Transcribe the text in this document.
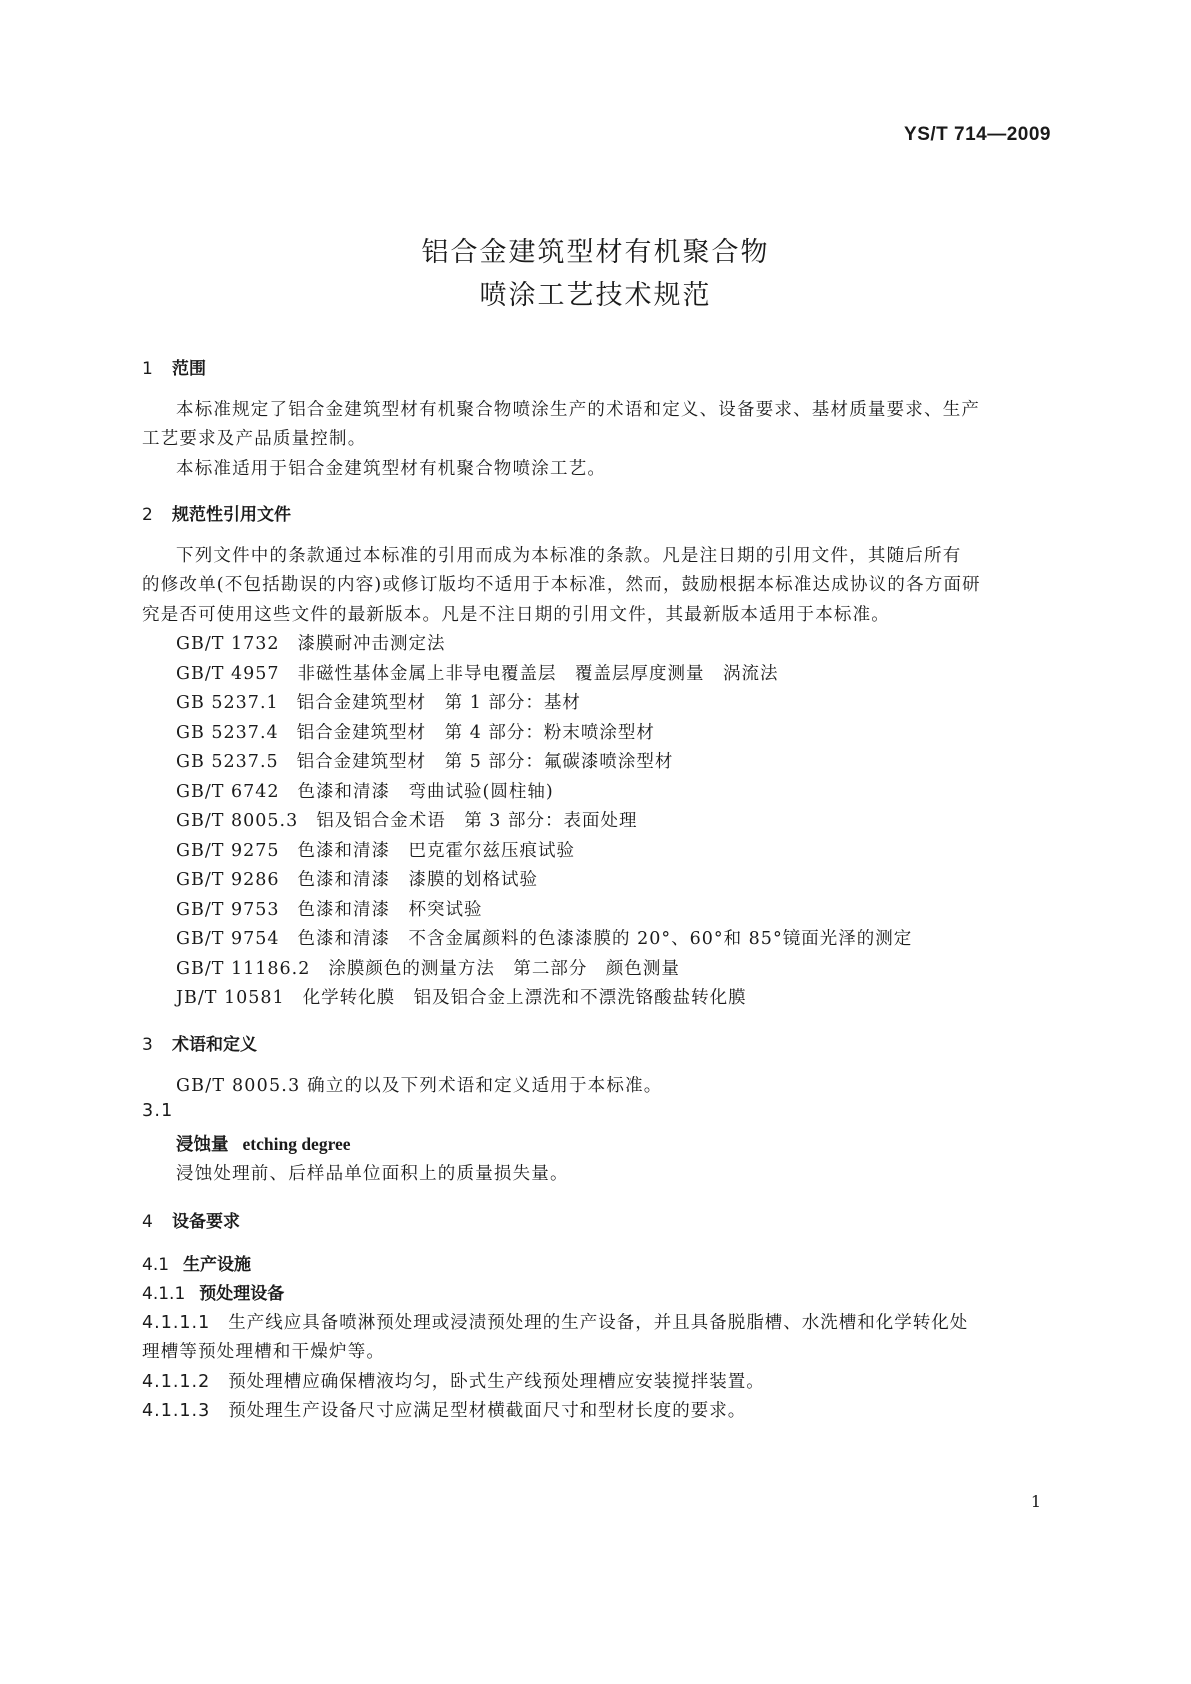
YS/T 714—2009
铝合金建筑型材有机聚合物
喷涂工艺技术规范
1 范围
本标准规定了铝合金建筑型材有机聚合物喷涂生产的术语和定义、设备要求、基材质量要求、生产
工艺要求及产品质量控制。
本标准适用于铝合金建筑型材有机聚合物喷涂工艺。
2 规范性引用文件
下列文件中的条款通过本标准的引用而成为本标准的条款。凡是注日期的引用文件，其随后所有
的修改单(不包括勘误的内容)或修订版均不适用于本标准，然而，鼓励根据本标准达成协议的各方面研
究是否可使用这些文件的最新版本。凡是不注日期的引用文件，其最新版本适用于本标准。
GB/T 1732 漆膜耐冲击测定法
GB/T 4957 非磁性基体金属上非导电覆盖层　覆盖层厚度测量　涡流法
GB 5237.1 铝合金建筑型材　第 1 部分：基材
GB 5237.4 铝合金建筑型材　第 4 部分：粉末喷涂型材
GB 5237.5 铝合金建筑型材　第 5 部分：氟碳漆喷涂型材
GB/T 6742 色漆和清漆　弯曲试验(圆柱轴)
GB/T 8005.3 铝及铝合金术语　第 3 部分：表面处理
GB/T 9275 色漆和清漆　巴克霍尔兹压痕试验
GB/T 9286 色漆和清漆　漆膜的划格试验
GB/T 9753 色漆和清漆　杯突试验
GB/T 9754 色漆和清漆　不含金属颜料的色漆漆膜的 20°、60°和 85°镜面光泽的测定
GB/T 11186.2 涂膜颜色的测量方法　第二部分　颜色测量
JB/T 10581 化学转化膜　铝及铝合金上漂洗和不漂洗铬酸盐转化膜
3 术语和定义
GB/T 8005.3 确立的以及下列术语和定义适用于本标准。
3.1
浸蚀量 etching degree
浸蚀处理前、后样品单位面积上的质量损失量。
4 设备要求
4.1 生产设施
4.1.1 预处理设备
4.1.1.1 生产线应具备喷淋预处理或浸渍预处理的生产设备，并且具备脱脂槽、水洗槽和化学转化处
理槽等预处理槽和干燥炉等。
4.1.1.2 预处理槽应确保槽液均匀，卧式生产线预处理槽应安装搅拌装置。
4.1.1.3 预处理生产设备尺寸应满足型材横截面尺寸和型材长度的要求。
1
